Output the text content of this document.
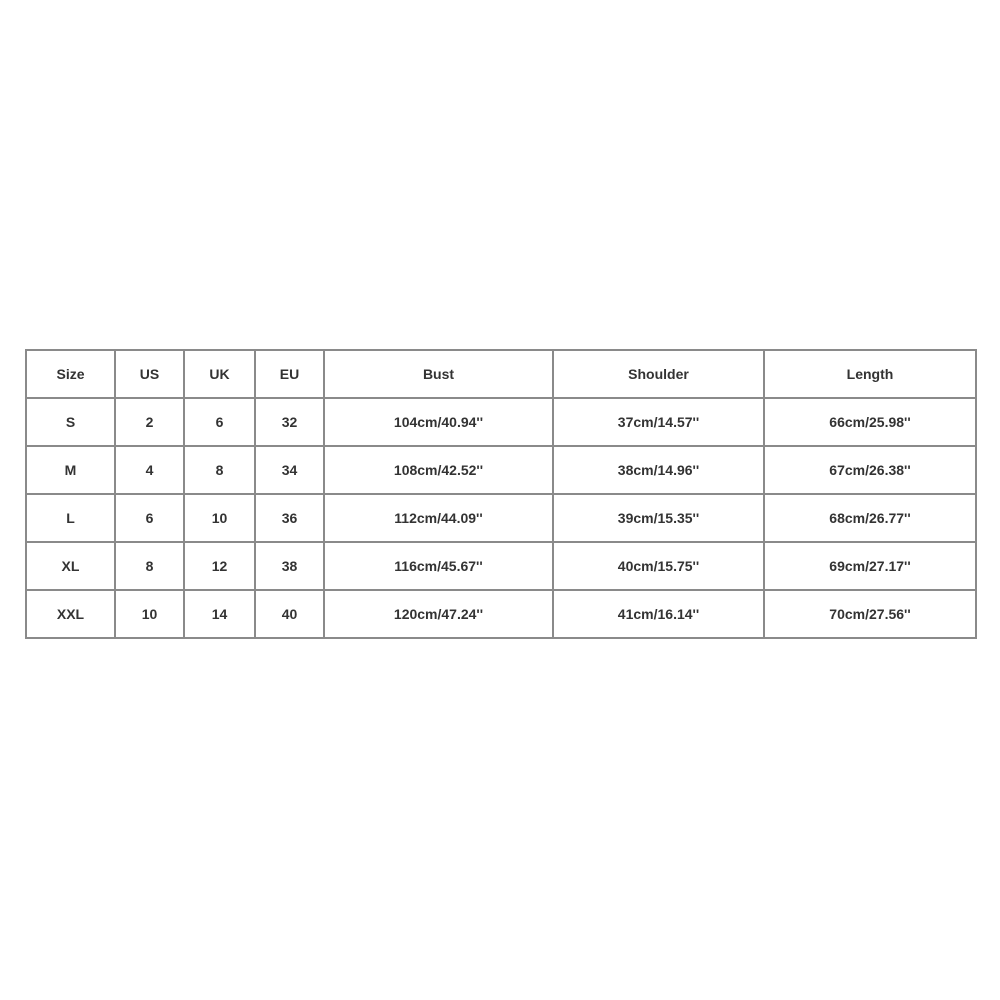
Size	US	UK	EU	Bust	Shoulder	Length
S	2	6	32	104cm/40.94''	37cm/14.57''	66cm/25.98''
M	4	8	34	108cm/42.52''	38cm/14.96''	67cm/26.38''
L	6	10	36	112cm/44.09''	39cm/15.35''	68cm/26.77''
XL	8	12	38	116cm/45.67''	40cm/15.75''	69cm/27.17''
XXL	10	14	40	120cm/47.24''	41cm/16.14''	70cm/27.56''
